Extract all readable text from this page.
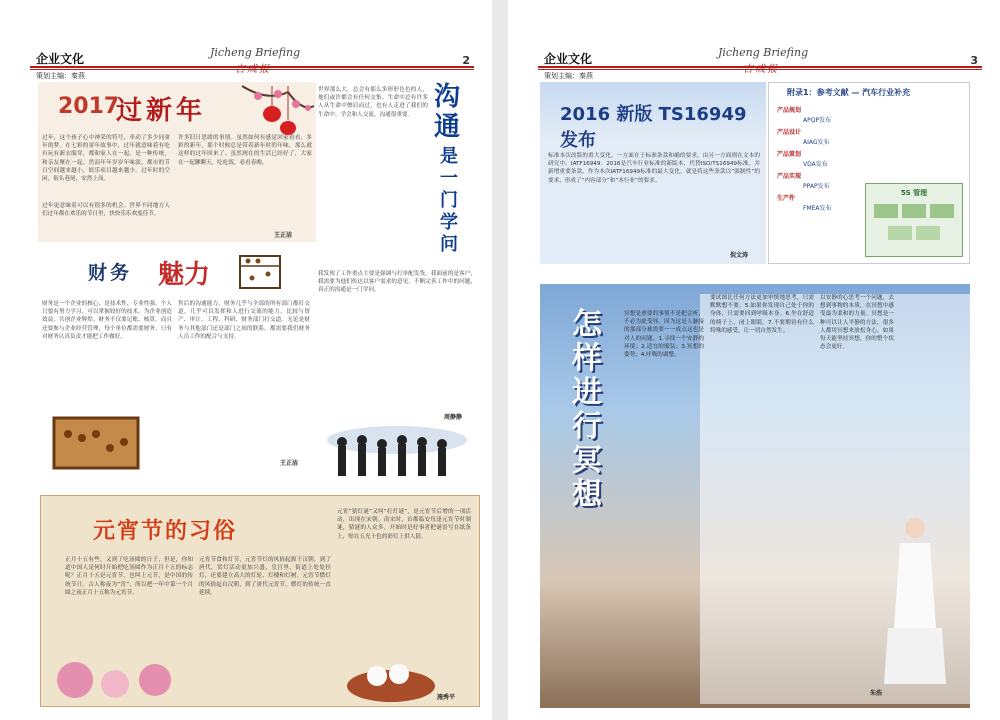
企业文化	Jicheng Briefing
策划主编：秦燕
2
2017
过新年
过年，这个孩子心中神采的符号，牵动了多少同童年的梦。在七彩的童年故事中，过年就意味着有吃有玩有新衣服穿，都和家人在一起，是一种传统，和亲友聚在一起。然而年年岁岁年味淡，都市的节日空间越来越小，娱乐项目越来越少。过年时的空闲，街头巷尾，安然上岗。
过年更意味着可以有很多的机会。世界不同地方人们过年都在欢乐的节日里，快快乐乐欢度佳节。
许多旧日思绪的事情。虽然如何有感觉回家看看，多彩的新年，那个时候总是带着新年时的年味，那么就这样的过年回来了。虽然现在的生活已经好了，大家在一起聊聊天，吃吃饭，看看春晚。
王正洁
财务 魅力
财务是一个企业的核心，是技术性、专业性强，个人只要有努力学习，可以掌握较好的技术，为企业创造效益，共创企业辉煌。财务不仅要记账、核算，而且还要参与企业经营管理，每个单位都需要财务，只有对财务认真负责才能把工作做好。
售后的沟通能力。财务几乎与全部的所有部门都打交道，几乎可以发挥和人进行交流的能力，比较与资产、审计、工程、科研、财务部门打交道。无论是财务与其他部门还是部门之间的联系，都需要我们财务人员工作的配合与支持。
王正洁
世界那么大，总会有那么多形形色色的人，他们或许都会有任何交集。生命中总有许多人从生命中擦肩而过，也有人走进了我们的生命中。学会和人交流，沟通很重要。
沟通
是一门学问
我发现了工作重点主要是强调与打单配发货。我面前的是客户，我需要为他们传达以客户需求的意见，不断完善工作中的问题，真正的沟通是一门学问。
周静静
元宵节的习俗
正月十五有些，又到了吃汤圆的日子，但是，你知道中国人是何时开始把吃汤圆作为正月十五的标志呢？正月十五是元宵节，也叫上元节，是中国的传统节日。古人称夜为“宵”，所以把一年中第一个月圆之夜正月十五称为元宵节。
元宵节食和灯节，元宵节灯的风俗起源于汉朝，到了唐代，赏灯活动更加兴盛，皇宫里、街道上处处挂灯，还要建立高大的灯轮、灯楼和灯树。元宵节燃灯的风俗起自汉朝，到了唐代元宵节，燃灯的传统一直延续。
元宵“猜灯谜”又叫“打灯谜”，是元宵节后增的一项活动，出现在宋朝。南宋时，首都临安每逢元宵节时制谜，猜谜的人众多。开始时是好事者把谜语写在纸条上，贴在五光十色的彩灯上供人猜。
施秀平
企业文化	Jicheng Briefing
策划主编：秦燕
3
2016 新版 TS16949 发布
标准本次改版的重大变化，一方面在于标准条款和确的要求，由另一方面则在文本的研究中。IATF16949：2016是汽车行业标准的新版本，代替ISO/TS16949标准，并新增重要条款。作为本次IATF16949标准的最大变化，就是将这些条款以“强制性”的要求，形成了“内容部分”和“本行业”的要求。
倪文涛
附录1：参考文献 — 汽车行业补充
产品规划
APQP发布
产品设计
AIAG发布
产品策划
VDA发布
产品实现
PPAP发布
生产件
FMEA发布
5S 管理
怎样进行冥想
冥想是重要的事情不是把会听，不必为此受辱，因为这是人脑接的那部分被需要一一成点这也是对人的问题。1.寻找一个安静的环境；2.适宜的服装；3.冥想的姿势；4.呼吸的调整。
要试图比任何方法更加审慎地思考，只需默默想不要。5.如果你发现自己处于你的身体，只需要回到呼吸本身。6.坐在舒适的椅子上，闭上眼睛。7.不要期待有什么特殊的感受，让一切自然发生。
以安静的心思考一个问题，去想到事物的本质，在冥想中感受最为柔和的力量。冥想是一种可以让人平静的方法，很多人都用冥想来放松身心，如果每天能坚持冥想，你的整个状态会更好。
朱浩
